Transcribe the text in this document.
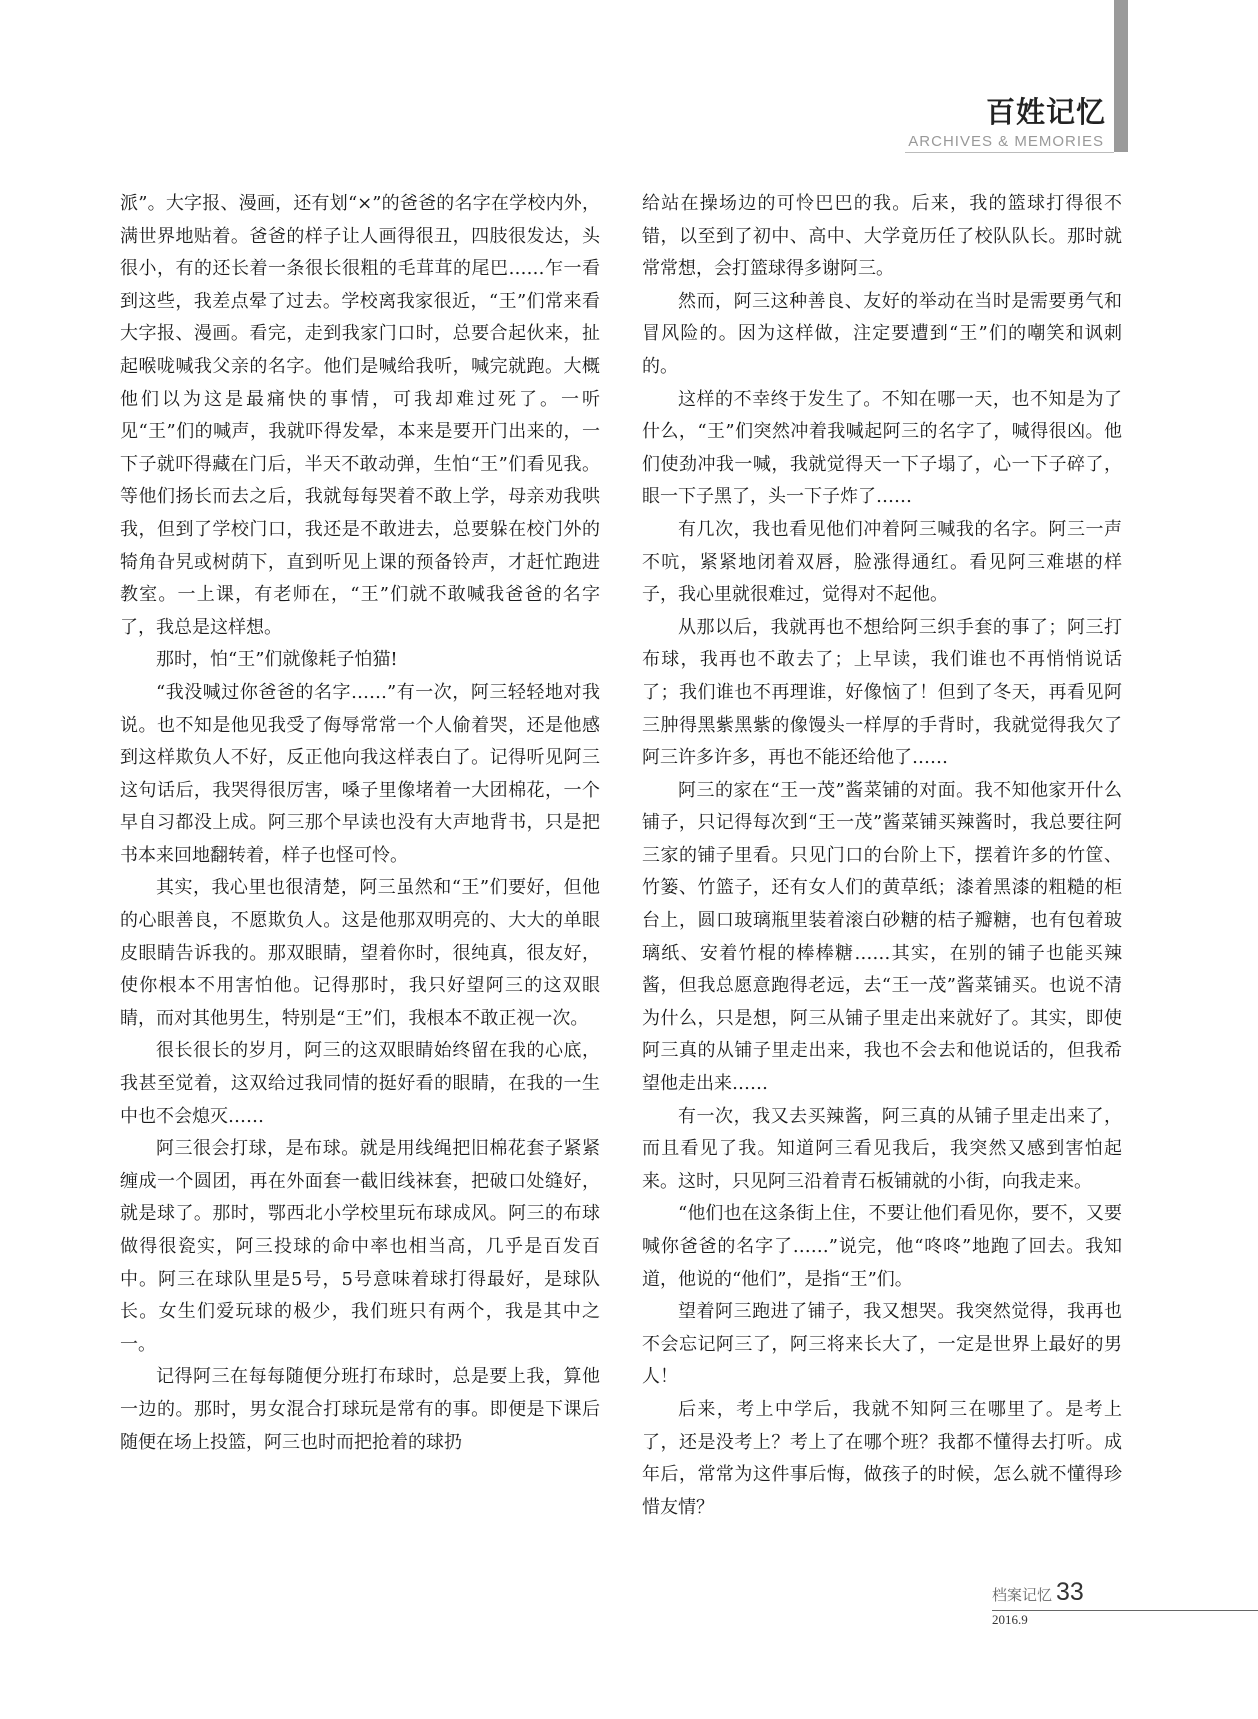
百姓记忆
ARCHIVES & MEMORIES

派”。大字报、漫画，还有划“×”的爸爸的名字在学校内外，满世界地贴着。爸爸的样子让人画得很丑，四肢很发达，头很小，有的还长着一条很长很粗的毛茸茸的尾巴……乍一看到这些，我差点晕了过去。学校离我家很近，“王”们常来看大字报、漫画。看完，走到我家门口时，总要合起伙来，扯起喉咙喊我父亲的名字。他们是喊给我听，喊完就跑。大概他们以为这是最痛快的事情，可我却难过死了。一听见“王”们的喊声，我就吓得发晕，本来是要开门出来的，一下子就吓得藏在门后，半天不敢动弹，生怕“王”们看见我。等他们扬长而去之后，我就每每哭着不敢上学，母亲劝我哄我，但到了学校门口，我还是不敢进去，总要躲在校门外的犄角旮旯或树荫下，直到听见上课的预备铃声，才赶忙跑进教室。一上课，有老师在，“王”们就不敢喊我爸爸的名字了，我总是这样想。

那时，怕“王”们就像耗子怕猫!

“我没喊过你爸爸的名字……”有一次，阿三轻轻地对我说。也不知是他见我受了侮辱常常一个人偷着哭，还是他感到这样欺负人不好，反正他向我这样表白了。记得听见阿三这句话后，我哭得很厉害，嗓子里像堵着一大团棉花，一个早自习都没上成。阿三那个早读也没有大声地背书，只是把书本来回地翻转着，样子也怪可怜。

其实，我心里也很清楚，阿三虽然和“王”们要好，但他的心眼善良，不愿欺负人。这是他那双明亮的、大大的单眼皮眼睛告诉我的。那双眼睛，望着你时，很纯真，很友好，使你根本不用害怕他。记得那时，我只好望阿三的这双眼睛，而对其他男生，特别是“王”们，我根本不敢正视一次。

很长很长的岁月，阿三的这双眼睛始终留在我的心底，我甚至觉着，这双给过我同情的挺好看的眼睛，在我的一生中也不会熄灭……

阿三很会打球，是布球。就是用线绳把旧棉花套子紧紧缠成一个圆团，再在外面套一截旧线袜套，把破口处缝好，就是球了。那时，鄂西北小学校里玩布球成风。阿三的布球做得很瓷实，阿三投球的命中率也相当高，几乎是百发百中。阿三在球队里是5号，5号意味着球打得最好，是球队长。女生们爱玩球的极少，我们班只有两个，我是其中之一。

记得阿三在每每随便分班打布球时，总是要上我，算他一边的。那时，男女混合打球玩是常有的事。即便是下课后随便在场上投篮，阿三也时而把抢着的球扔

给站在操场边的可怜巴巴的我。后来，我的篮球打得很不错，以至到了初中、高中、大学竟历任了校队队长。那时就常常想，会打篮球得多谢阿三。

然而，阿三这种善良、友好的举动在当时是需要勇气和冒风险的。因为这样做，注定要遭到“王”们的嘲笑和讽刺的。

这样的不幸终于发生了。不知在哪一天，也不知是为了什么，“王”们突然冲着我喊起阿三的名字了，喊得很凶。他们使劲冲我一喊，我就觉得天一下子塌了，心一下子碎了，眼一下子黑了，头一下子炸了……

有几次，我也看见他们冲着阿三喊我的名字。阿三一声不吭，紧紧地闭着双唇，脸涨得通红。看见阿三难堪的样子，我心里就很难过，觉得对不起他。

从那以后，我就再也不想给阿三织手套的事了；阿三打布球，我再也不敢去了；上早读，我们谁也不再悄悄说话了；我们谁也不再理谁，好像恼了！但到了冬天，再看见阿三肿得黑紫黑紫的像馒头一样厚的手背时，我就觉得我欠了阿三许多许多，再也不能还给他了……

阿三的家在“王一茂”酱菜铺的对面。我不知他家开什么铺子，只记得每次到“王一茂”酱菜铺买辣酱时，我总要往阿三家的铺子里看。只见门口的台阶上下，摆着许多的竹筐、竹篓、竹篮子，还有女人们的黄草纸；漆着黑漆的粗糙的柜台上，圆口玻璃瓶里装着滚白砂糖的桔子瓣糖，也有包着玻璃纸、安着竹棍的棒棒糖……其实，在别的铺子也能买辣酱，但我总愿意跑得老远，去“王一茂”酱菜铺买。也说不清为什么，只是想，阿三从铺子里走出来就好了。其实，即使阿三真的从铺子里走出来，我也不会去和他说话的，但我希望他走出来……

有一次，我又去买辣酱，阿三真的从铺子里走出来了，而且看见了我。知道阿三看见我后，我突然又感到害怕起来。这时，只见阿三沿着青石板铺就的小街，向我走来。

“他们也在这条街上住，不要让他们看见你，要不，又要喊你爸爸的名字了……”说完，他“咚咚”地跑了回去。我知道，他说的“他们”，是指“王”们。

望着阿三跑进了铺子，我又想哭。我突然觉得，我再也不会忘记阿三了，阿三将来长大了，一定是世界上最好的男人！

后来，考上中学后，我就不知阿三在哪里了。是考上了，还是没考上？考上了在哪个班？我都不懂得去打听。成年后，常常为这件事后悔，做孩子的时候，怎么就不懂得珍惜友情？

档案记忆 33
2016.9
